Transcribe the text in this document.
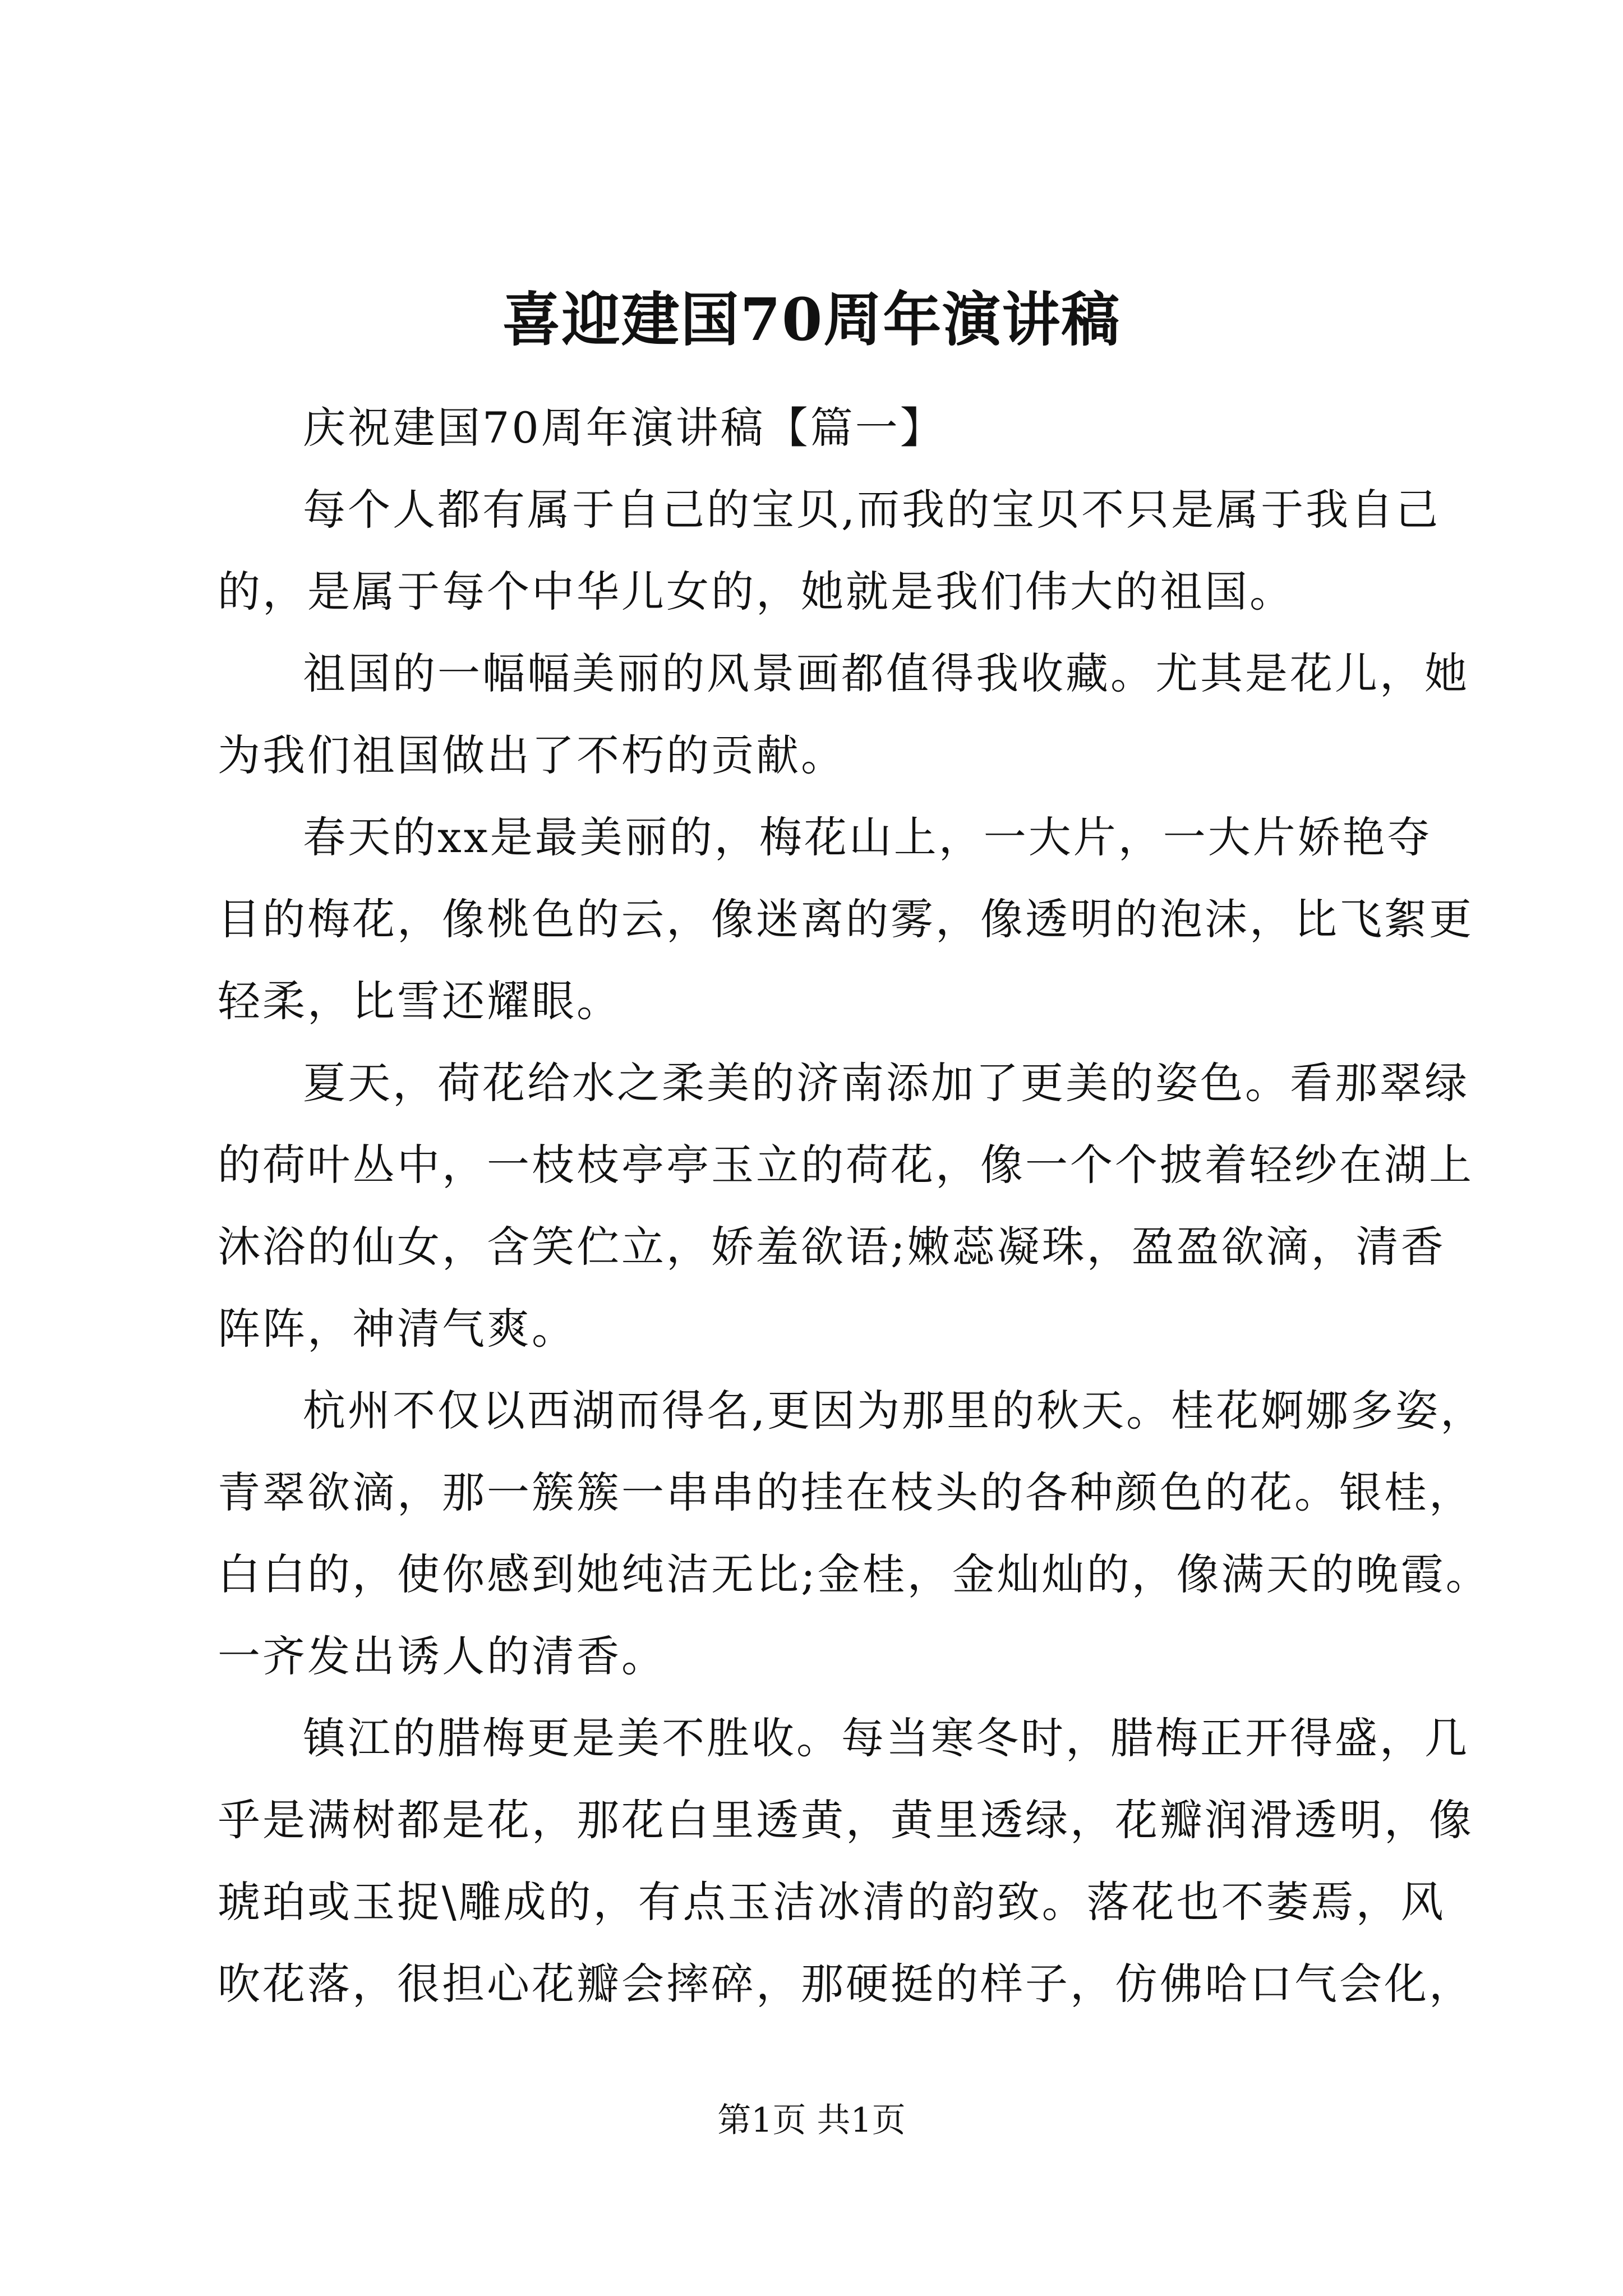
喜迎建国70周年演讲稿

庆祝建国70周年演讲稿【篇一】

每个人都有属于自己的宝贝,而我的宝贝不只是属于我自己
的，是属于每个中华儿女的，她就是我们伟大的祖国。

祖国的一幅幅美丽的风景画都值得我收藏。尤其是花儿，她
为我们祖国做出了不朽的贡献。

春天的xx是最美丽的，梅花山上，一大片，一大片娇艳夺
目的梅花，像桃色的云，像迷离的雾，像透明的泡沫，比飞絮更
轻柔，比雪还耀眼。

夏天，荷花给水之柔美的济南添加了更美的姿色。看那翠绿
的荷叶丛中，一枝枝亭亭玉立的荷花，像一个个披着轻纱在湖上
沐浴的仙女，含笑伫立，娇羞欲语;嫩蕊凝珠，盈盈欲滴，清香
阵阵，神清气爽。

杭州不仅以西湖而得名,更因为那里的秋天。桂花婀娜多姿，
青翠欲滴，那一簇簇一串串的挂在枝头的各种颜色的花。银桂，
白白的，使你感到她纯洁无比;金桂，金灿灿的，像满天的晚霞。
一齐发出诱人的清香。

镇江的腊梅更是美不胜收。每当寒冬时，腊梅正开得盛，几
乎是满树都是花，那花白里透黄，黄里透绿，花瓣润滑透明，像
琥珀或玉捉\雕成的，有点玉洁冰清的韵致。落花也不萎焉，风
吹花落，很担心花瓣会摔碎，那硬挺的样子，仿佛哈口气会化，

第1页 共1页
